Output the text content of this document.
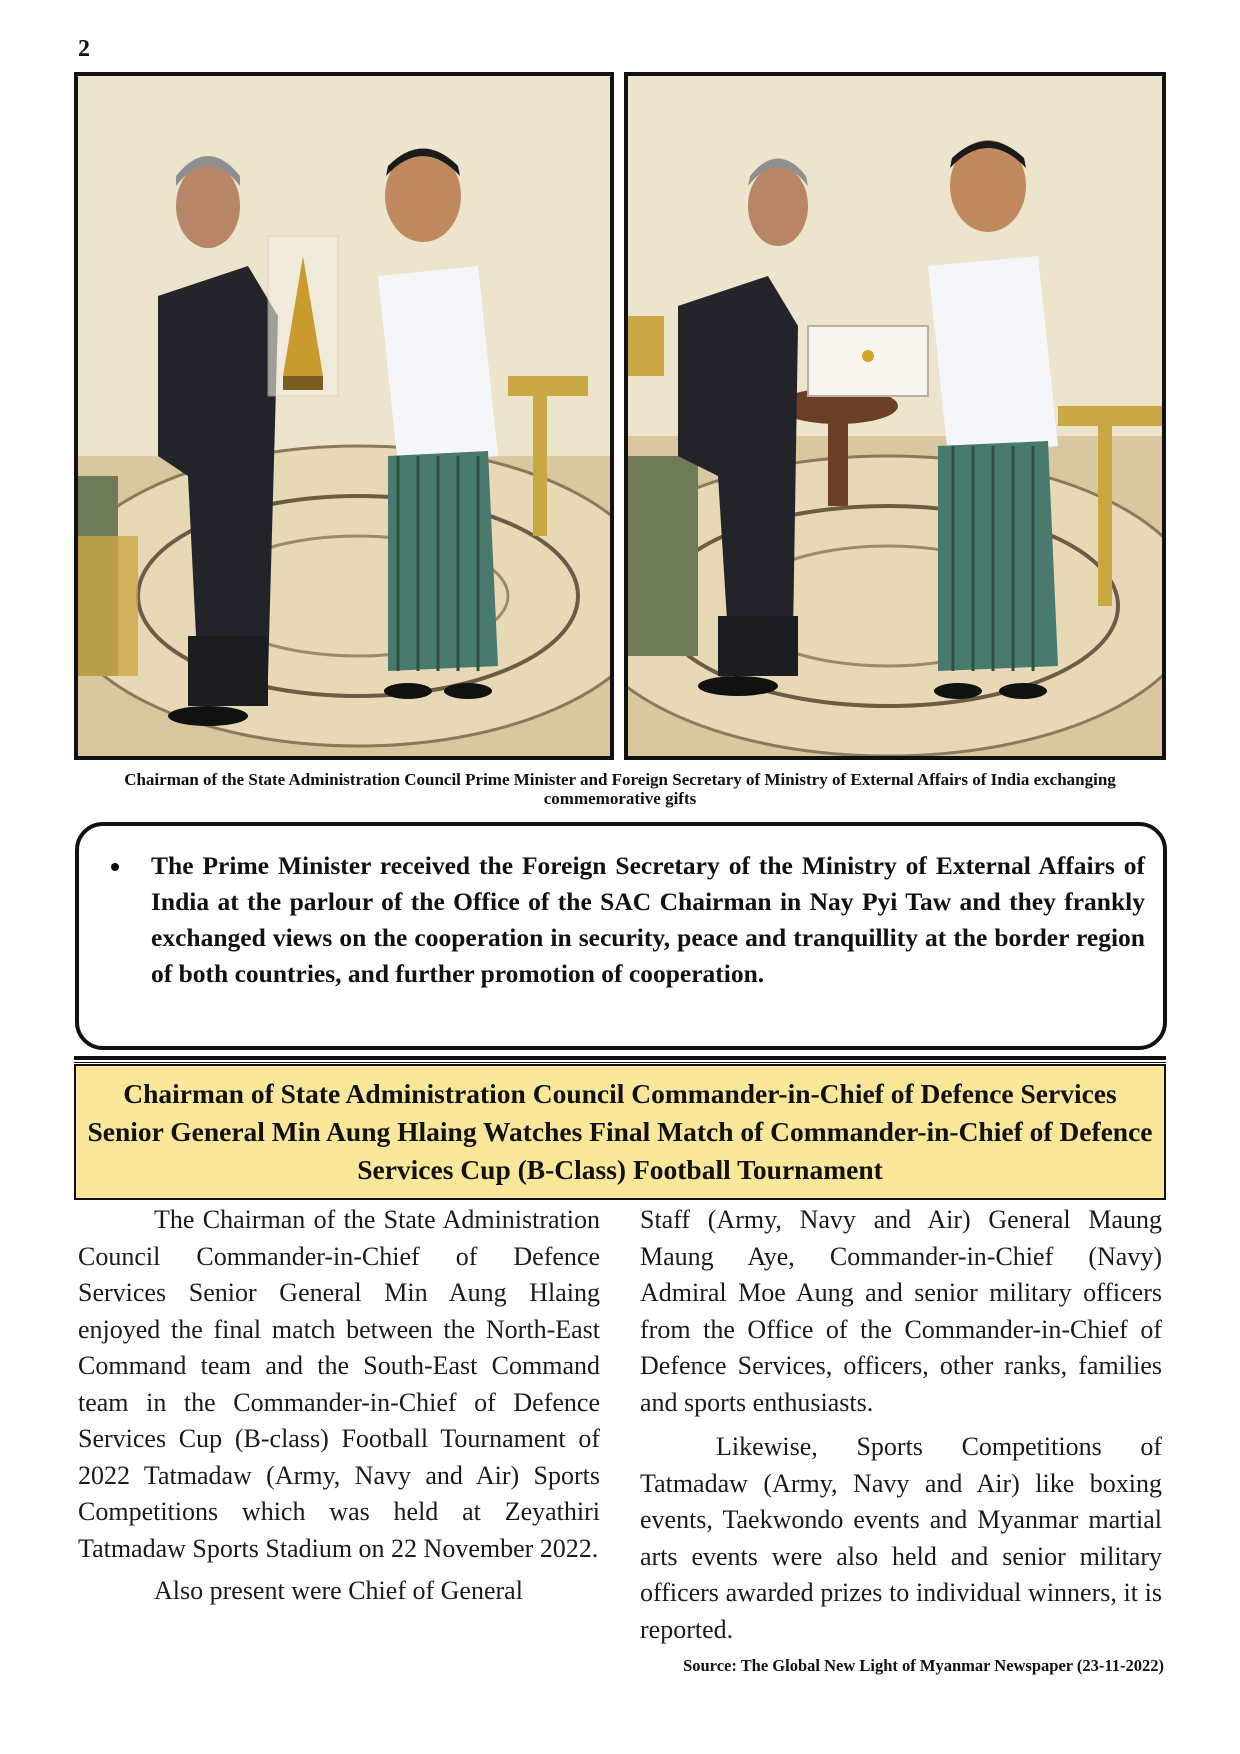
2
Chairman of the State Administration Council Prime Minister and Foreign Secretary of Ministry of External Affairs of India exchanging commemorative gifts
• The Prime Minister received the Foreign Secretary of the Ministry of External Affairs of India at the parlour of the Office of the SAC Chairman in Nay Pyi Taw and they frankly exchanged views on the cooperation in security, peace and tranquillity at the border region of both countries, and further promotion of cooperation.
Chairman of State Administration Council Commander-in-Chief of Defence Services Senior General Min Aung Hlaing Watches Final Match of Commander-in-Chief of Defence Services Cup (B-Class) Football Tournament

The Chairman of the State Administration Council Commander-in-Chief of Defence Services Senior General Min Aung Hlaing enjoyed the final match between the North-East Command team and the South-East Command team in the Commander-in-Chief of Defence Services Cup (B-class) Football Tournament of 2022 Tatmadaw (Army, Navy and Air) Sports Competitions which was held at Zeyathiri Tatmadaw Sports Stadium on 22 November 2022.

Also present were Chief of General

Staff (Army, Navy and Air) General Maung Maung Aye, Commander-in-Chief (Navy) Admiral Moe Aung and senior military officers from the Office of the Commander-in-Chief of Defence Services, officers, other ranks, families and sports enthusiasts.

Likewise, Sports Competitions of Tatmadaw (Army, Navy and Air) like boxing events, Taekwondo events and Myanmar martial arts events were also held and senior military officers awarded prizes to individual winners, it is reported.

Source: The Global New Light of Myanmar Newspaper (23-11-2022)
